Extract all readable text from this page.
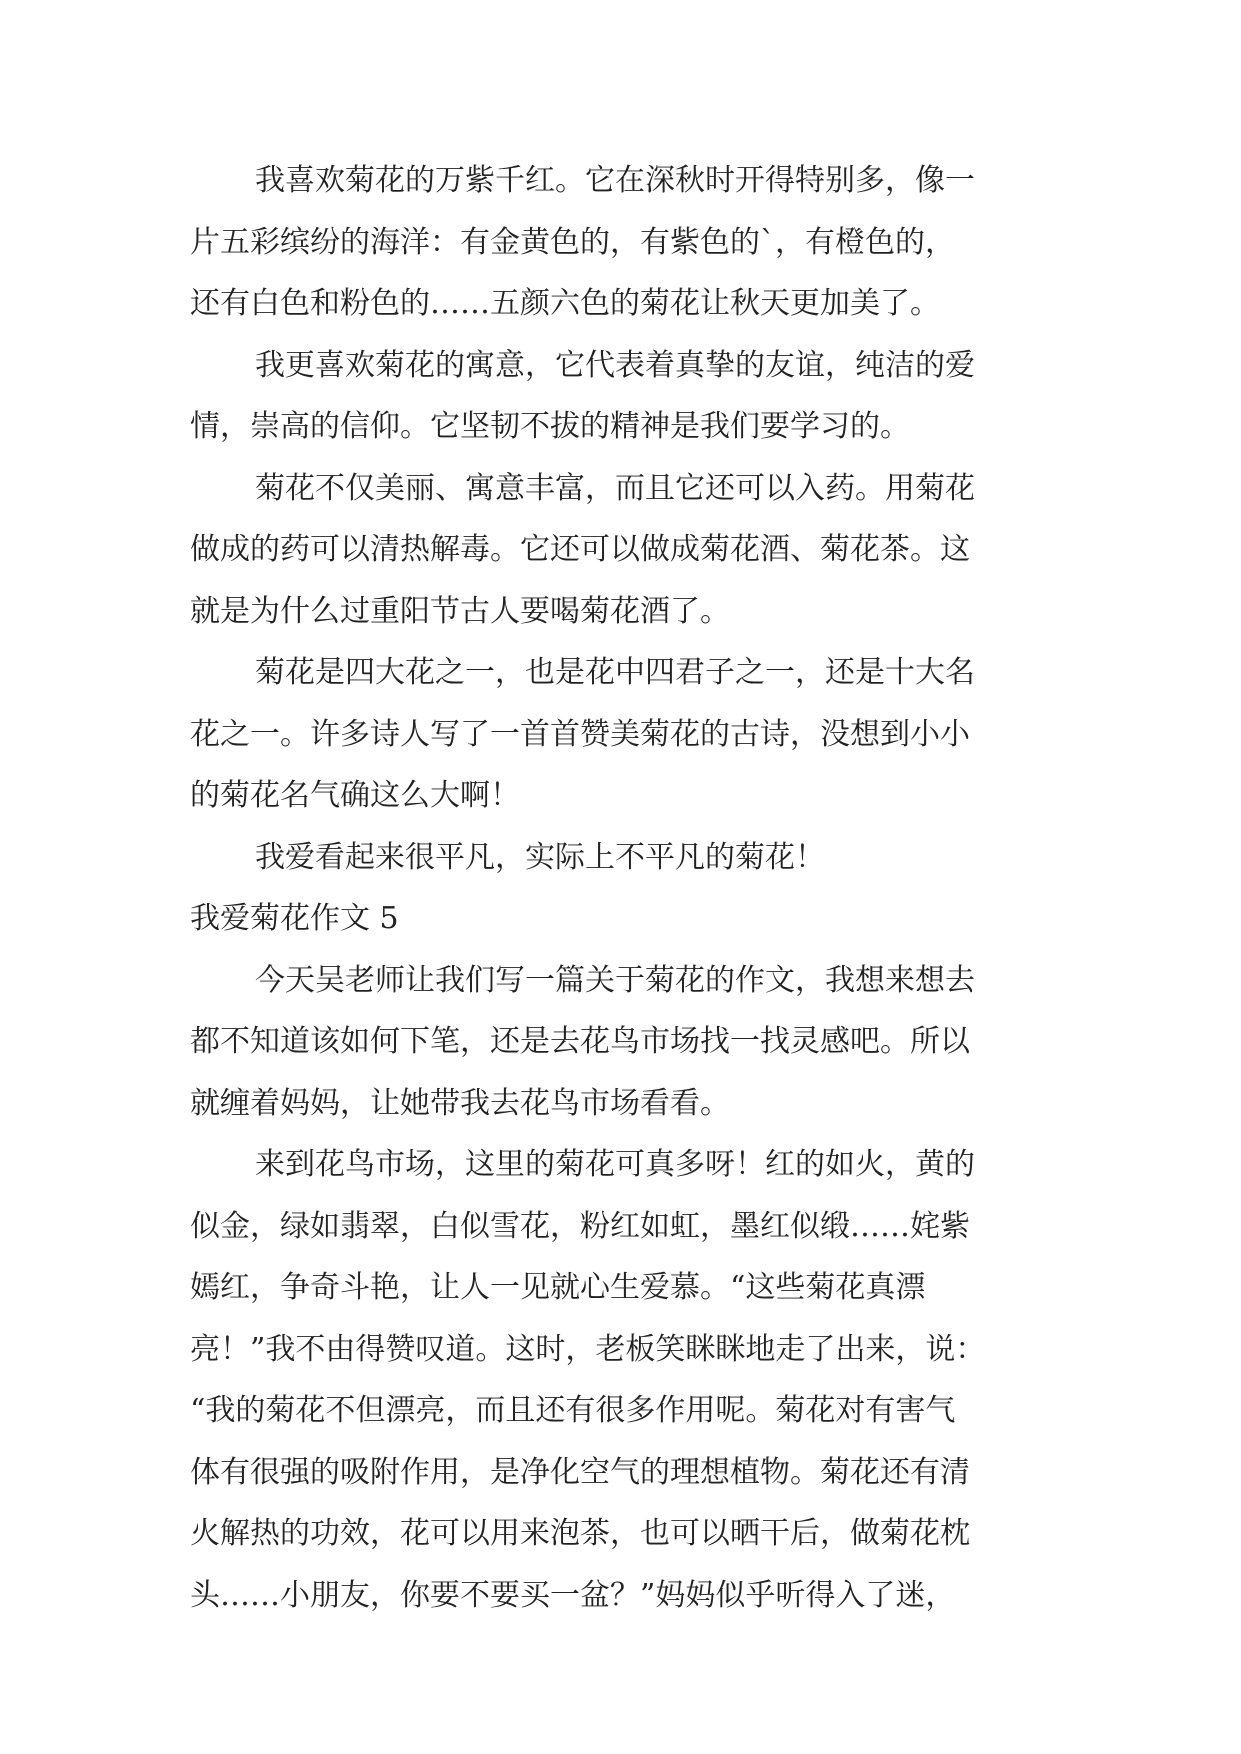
我喜欢菊花的万紫千红。它在深秋时开得特别多，像一
片五彩缤纷的海洋：有金黄色的，有紫色的`，有橙色的，
还有白色和粉色的……五颜六色的菊花让秋天更加美了。
我更喜欢菊花的寓意，它代表着真挚的友谊，纯洁的爱
情，崇高的信仰。它坚韧不拔的精神是我们要学习的。
菊花不仅美丽、寓意丰富，而且它还可以入药。用菊花
做成的药可以清热解毒。它还可以做成菊花酒、菊花茶。这
就是为什么过重阳节古人要喝菊花酒了。
菊花是四大花之一，也是花中四君子之一，还是十大名
花之一。许多诗人写了一首首赞美菊花的古诗，没想到小小
的菊花名气确这么大啊！
我爱看起来很平凡，实际上不平凡的菊花！
我爱菊花作文 5
今天吴老师让我们写一篇关于菊花的作文，我想来想去
都不知道该如何下笔，还是去花鸟市场找一找灵感吧。所以
就缠着妈妈，让她带我去花鸟市场看看。
来到花鸟市场，这里的菊花可真多呀！红的如火，黄的
似金，绿如翡翠，白似雪花，粉红如虹，墨红似缎……姹紫
嫣红，争奇斗艳，让人一见就心生爱慕。“这些菊花真漂
亮！”我不由得赞叹道。这时，老板笑眯眯地走了出来，说：
“我的菊花不但漂亮，而且还有很多作用呢。菊花对有害气
体有很强的吸附作用，是净化空气的理想植物。菊花还有清
火解热的功效，花可以用来泡茶，也可以晒干后，做菊花枕
头……小朋友，你要不要买一盆？”妈妈似乎听得入了迷，
